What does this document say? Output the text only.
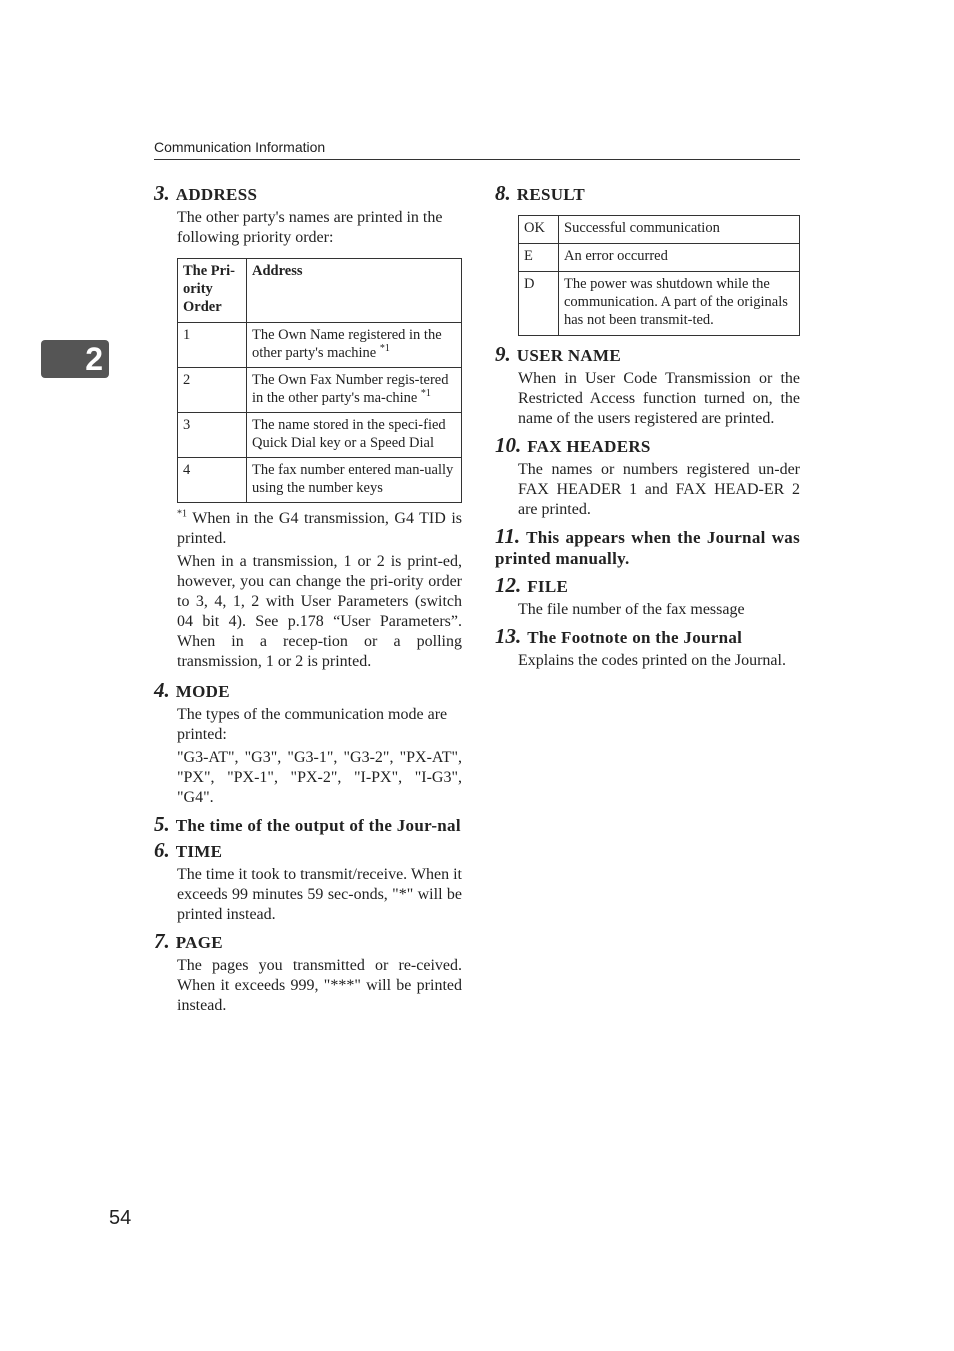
Communication Information
2
3. ADDRESS

The other party's names are printed in the following priority order:

The Pri-ority Order	Address
1	The Own Name registered in the other party's machine $^{*1}$
2	The Own Fax Number regis-tered in the other party's ma-chine $^{*1}$
3	The name stored in the speci-fied Quick Dial key or a Speed Dial
4	The fax number entered man-ually using the number keys

$^{*1}$ When in the G4 transmission, G4 TID is printed.

When in a transmission, 1 or 2 is print-ed, however, you can change the pri-ority order to 3, 4, 1, 2 with User Parameters (switch 04 bit 4). See p.178 “User Parameters”. When in a recep-tion or a polling transmission, 1 or 2 is printed.

4. MODE

The types of the communication mode are printed:

"G3-AT", "G3", "G3-1", "G3-2", "PX-AT", "PX", "PX-1", "PX-2", "I-PX", "I-G3", "G4".

5. The time of the output of the Jour-nal
6. TIME

The time it took to transmit/receive. When it exceeds 99 minutes 59 sec-onds, "*" will be printed instead.

7. PAGE

The pages you transmitted or re-ceived. When it exceeds 999, "***" will be printed instead.

8. RESULT
OK	Successful communication
E	An error occurred
D	The power was shutdown while the communication. A part of the originals has not been transmit-ted.
9. USER NAME

When in User Code Transmission or the Restricted Access function turned on, the name of the users registered are printed.

10. FAX HEADERS

The names or numbers registered un-der FAX HEADER 1 and FAX HEAD-ER 2 are printed.

11. This appears when the Journal was printed manually.
12. FILE

The file number of the fax message

13. The Footnote on the Journal

Explains the codes printed on the Journal.

54
